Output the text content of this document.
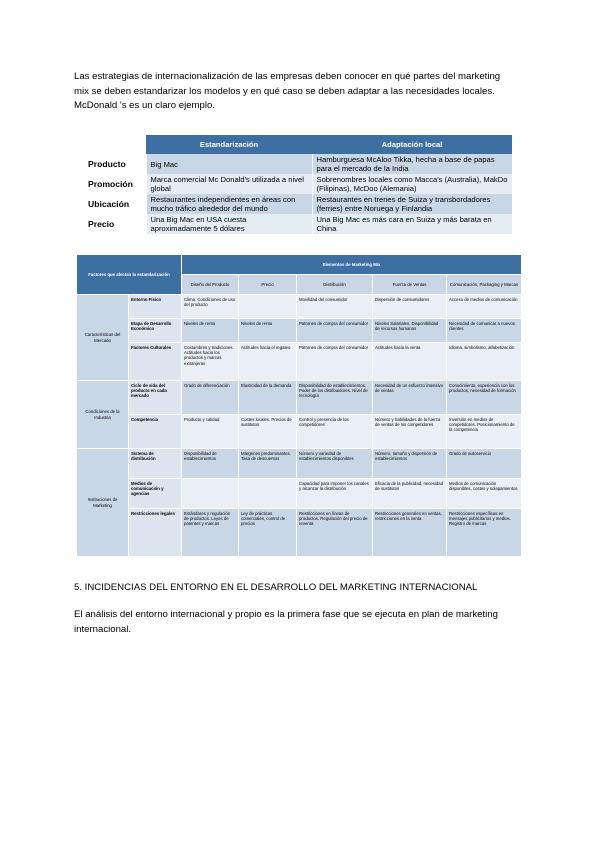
Las estrategias de internacionalización de las empresas deben conocer en qué partes del marketing
mix se deben estandarizar los modelos y en qué caso se deben adaptar a las necesidades locales.
McDonald 's es un claro ejemplo.
	Estandarización	Adaptación local
Producto	Big Mac	Hamburguesa McAloo Tikka, hecha a base de papas para el mercado de la India
Promoción	Marca comercial Mc Donald's utilizada a nivel global	Sobrenombres locales como Macca's (Australia), MakDo (Filipinas), McDoo (Alemania)
Ubicación	Restaurantes independientes en áreas con mucho tráfico alrededor del mundo	Restaurantes en trenes de Suiza y transbordadores (ferries) entre Noruega y Finlandia
Precio	Una Big Mac en USA cuesta aproximadamente 5 dólares	Una Big Mac es más cara en Suiza y más barata en China
Factores que afectan la estandarización		Elementos de Marketing Mix				
		Diseño del Producto	Precio	Distribución	Fuerza de Ventas	Comunicación, Packaging y Marcas
Características del Mercado	Entorno Físico	Clima. Condiciones de uso del producto		Movilidad del consumidor	Dispersión de consumidores	Acceso de medios de comunicación
	Etapa de Desarrollo Económico	Niveles de renta	Niveles de renta	Patrones de compra del consumidor	Niveles Salariales. Disponibilidad de recursos humanos	Necesidad de comunicar a nuevos clientes
	Factores Culturales	Costumbres y tradiciones. Actitudes hacia los productos y marcas extranjeras	Actitudes hacia el regateo	Patrones de compra del consumidor	Actitudes hacia la venta	Idioma, simbolismo, alfabetización
Condiciones de la Industria	Ciclo de vida del producto en cada mercado	Grado de diferenciación	Elasticidad de la demanda	Disponibilidad de establecimientos. Poder de los distribuidores. Nivel de tecnología	Necesidad de un esfuerzo intensivo de ventas	Conocimiento, experiencia con los productos, necesidad de formación
	Competencia	Producto y calidad	Costes locales. Precios de sustitutos	Control y presencia de los competidores	Número y habilidades de la fuerza de ventas de los competidores	Inversión en medios de competidores. Posicionamiento de la competencia
Instituciones de Marketing	Sistema de distribución	Disponibilidad de establecimientos	Márgenes predominantes. Tasa de descuentos	Número y variedad de establecimientos disponibles	Número, tamaño y dispersión de establecimientos	Grado de autoservicio
	Medios de comunicación y agencias			Capacidad para imponer los canales y alcanzar la distribución	Eficacia de la publicidad, necesidad de sustitutos	Medios de comunicación disponibles, costes y solapamientos
	Restricciones legales	Estándares y regulación de productos. Leyes de patentes y marcas	Ley de prácticas comerciales, control de precios	Restricciones en líneas de productos. Regulación del precio de reventa	Restricciones generales en ventas, restricciones en la venta	Restricciones específicas en mensajes publicitarios y medios. Registro de marcas
5. INCIDENCIAS DEL ENTORNO EN EL DESARROLLO DEL MARKETING INTERNACIONAL
El análisis del entorno internacional y propio es la primera fase que se ejecuta en plan de marketing
internacional.
